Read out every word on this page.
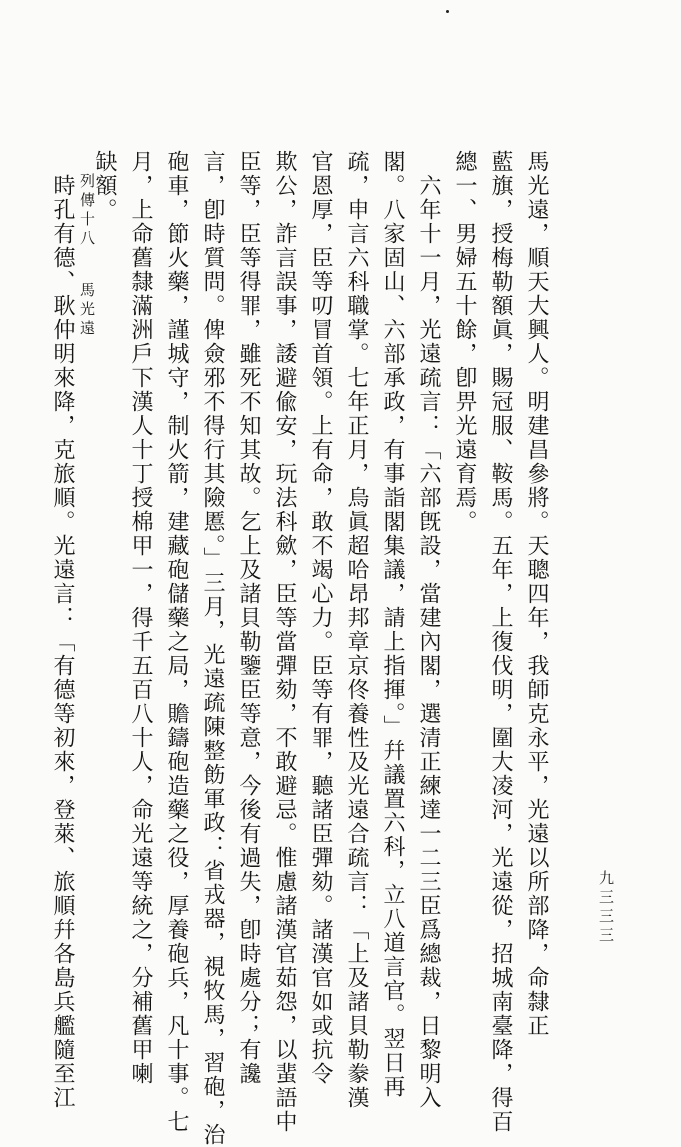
馬光遠，順天大興人。明建昌參將。天聰四年，我師克永平，光遠以所部降，命隸正
藍旗，授梅勒額眞，賜冠服、鞍馬。五年，上復伐明，圍大凌河，光遠從，招城南臺降，得百
總一、男婦五十餘，卽畀光遠育焉。
六年十一月，光遠疏言：「六部旣設，當建內閣，選清正練達一二三臣爲總裁，日黎明入
閣。八家固山、六部承政，有事詣閣集議，請上指揮。」幷議置六科，立八道言官。翌日再
疏，申言六科職掌。七年正月，烏眞超哈昂邦章京佟養性及光遠合疏言：「上及諸貝勒豢漢
官恩厚，臣等叨冒首領。上有命，敢不竭心力。臣等有罪，聽諸臣彈劾。諸漢官如或抗令
欺公，詐言誤事，諉避偸安，玩法科歛，臣等當彈劾，不敢避忌。惟慮諸漢官茹怨，以蜚語中
臣等，臣等得罪，雖死不知其故。乞上及諸貝勒鑒臣等意，今後有過失，卽時處分；有讒
言，卽時質問。俾僉邪不得行其險慝。」三月，光遠疏陳整飭軍政：省戎器，視牧馬，習砲，治
砲車，節火藥，謹城守，制火箭，建藏砲儲藥之局，贍鑄砲造藥之役，厚養砲兵，凡十事。七
月，上命舊隸滿洲戶下漢人十丁授棉甲一，得千五百八十人，命光遠等統之，分補舊甲喇
缺額。
時孔有德、耿仲明來降，克旅順。光遠言：「有德等初來，登萊、旅順幷各島兵艦隨至江 列傳十八
馬光遠
九三三三
